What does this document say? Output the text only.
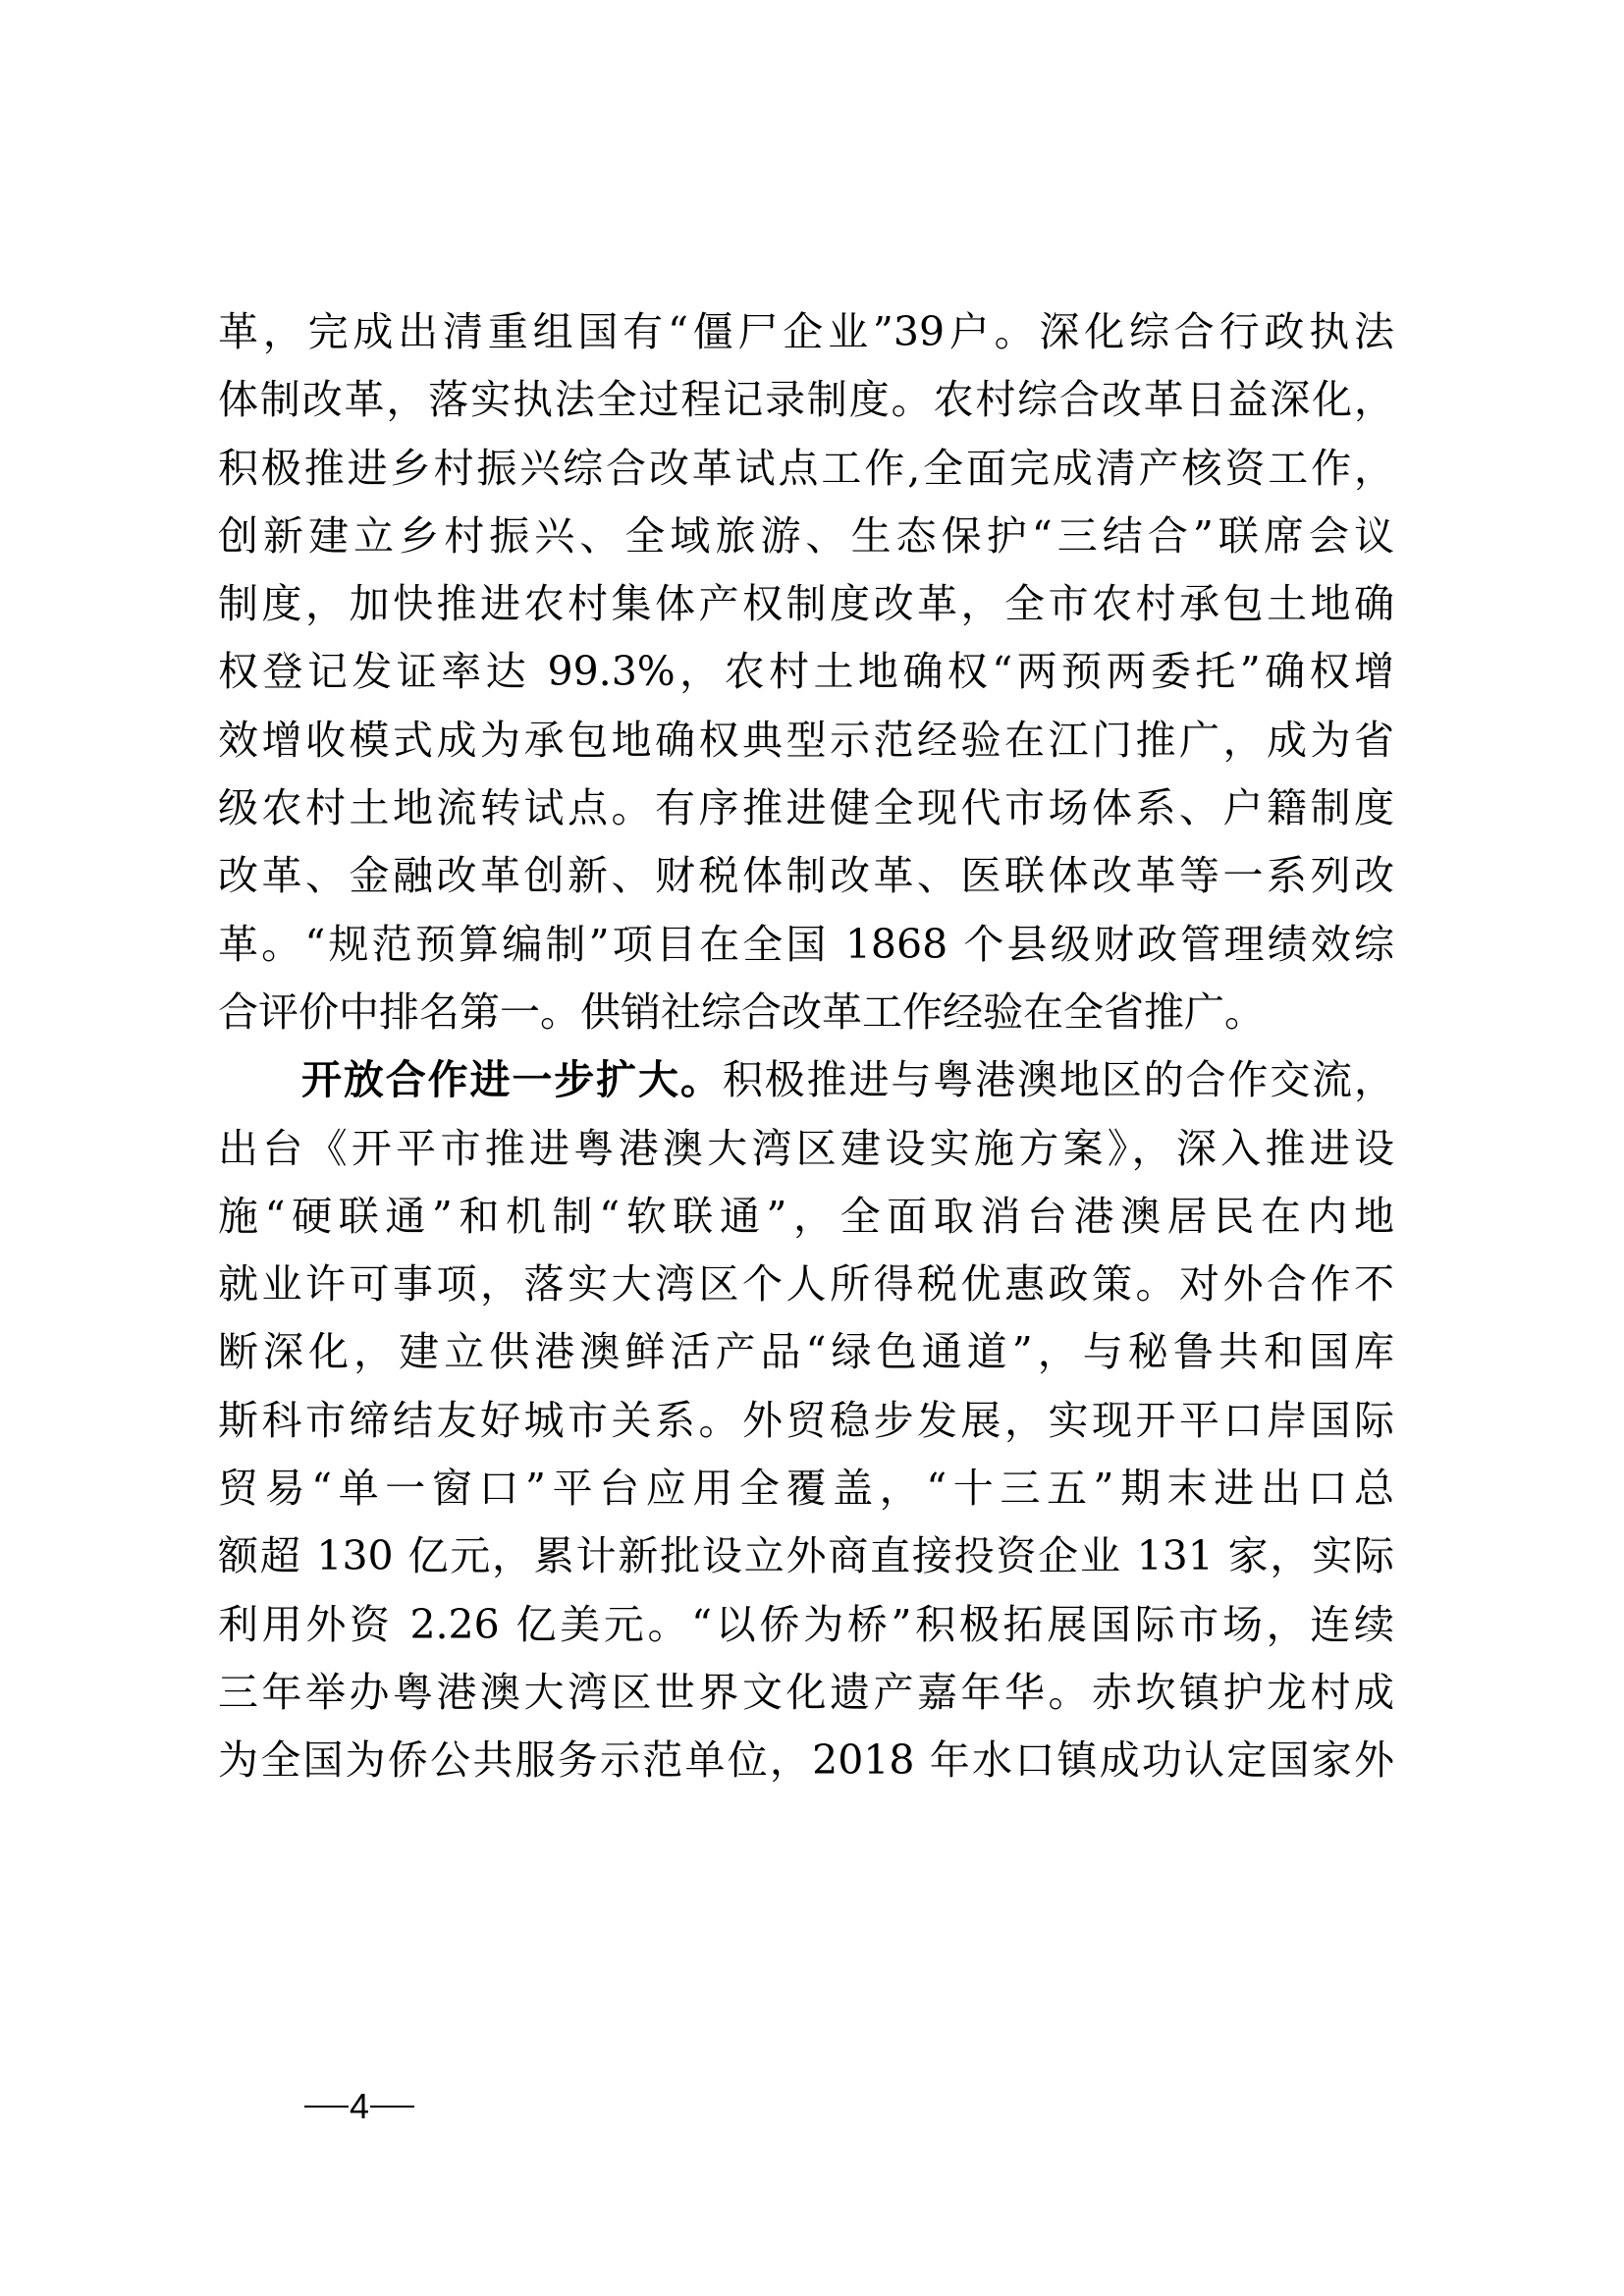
革，完成出清重组国有“僵尸企业”39户。深化综合行政执法
体制改革，落实执法全过程记录制度。农村综合改革日益深化，
积极推进乡村振兴综合改革试点工作,全面完成清产核资工作，
创新建立乡村振兴、全域旅游、生态保护“三结合”联席会议
制度，加快推进农村集体产权制度改革，全市农村承包土地确
权登记发证率达 99.3%，农村土地确权“两预两委托”确权增
效增收模式成为承包地确权典型示范经验在江门推广，成为省
级农村土地流转试点。有序推进健全现代市场体系、户籍制度
改革、金融改革创新、财税体制改革、医联体改革等一系列改
革。“规范预算编制”项目在全国 1868 个县级财政管理绩效综
合评价中排名第一。供销社综合改革工作经验在全省推广。
开放合作进一步扩大。积极推进与粤港澳地区的合作交流，
出台《开平市推进粤港澳大湾区建设实施方案》，深入推进设
施“硬联通”和机制“软联通”，全面取消台港澳居民在内地
就业许可事项，落实大湾区个人所得税优惠政策。对外合作不
断深化，建立供港澳鲜活产品“绿色通道”，与秘鲁共和国库
斯科市缔结友好城市关系。外贸稳步发展，实现开平口岸国际
贸易“单一窗口”平台应用全覆盖，“十三五”期末进出口总
额超 130 亿元，累计新批设立外商直接投资企业 131 家，实际
利用外资 2.26 亿美元。“以侨为桥”积极拓展国际市场，连续
三年举办粤港澳大湾区世界文化遗产嘉年华。赤坎镇护龙村成
为全国为侨公共服务示范单位，2018 年水口镇成功认定国家外
4
